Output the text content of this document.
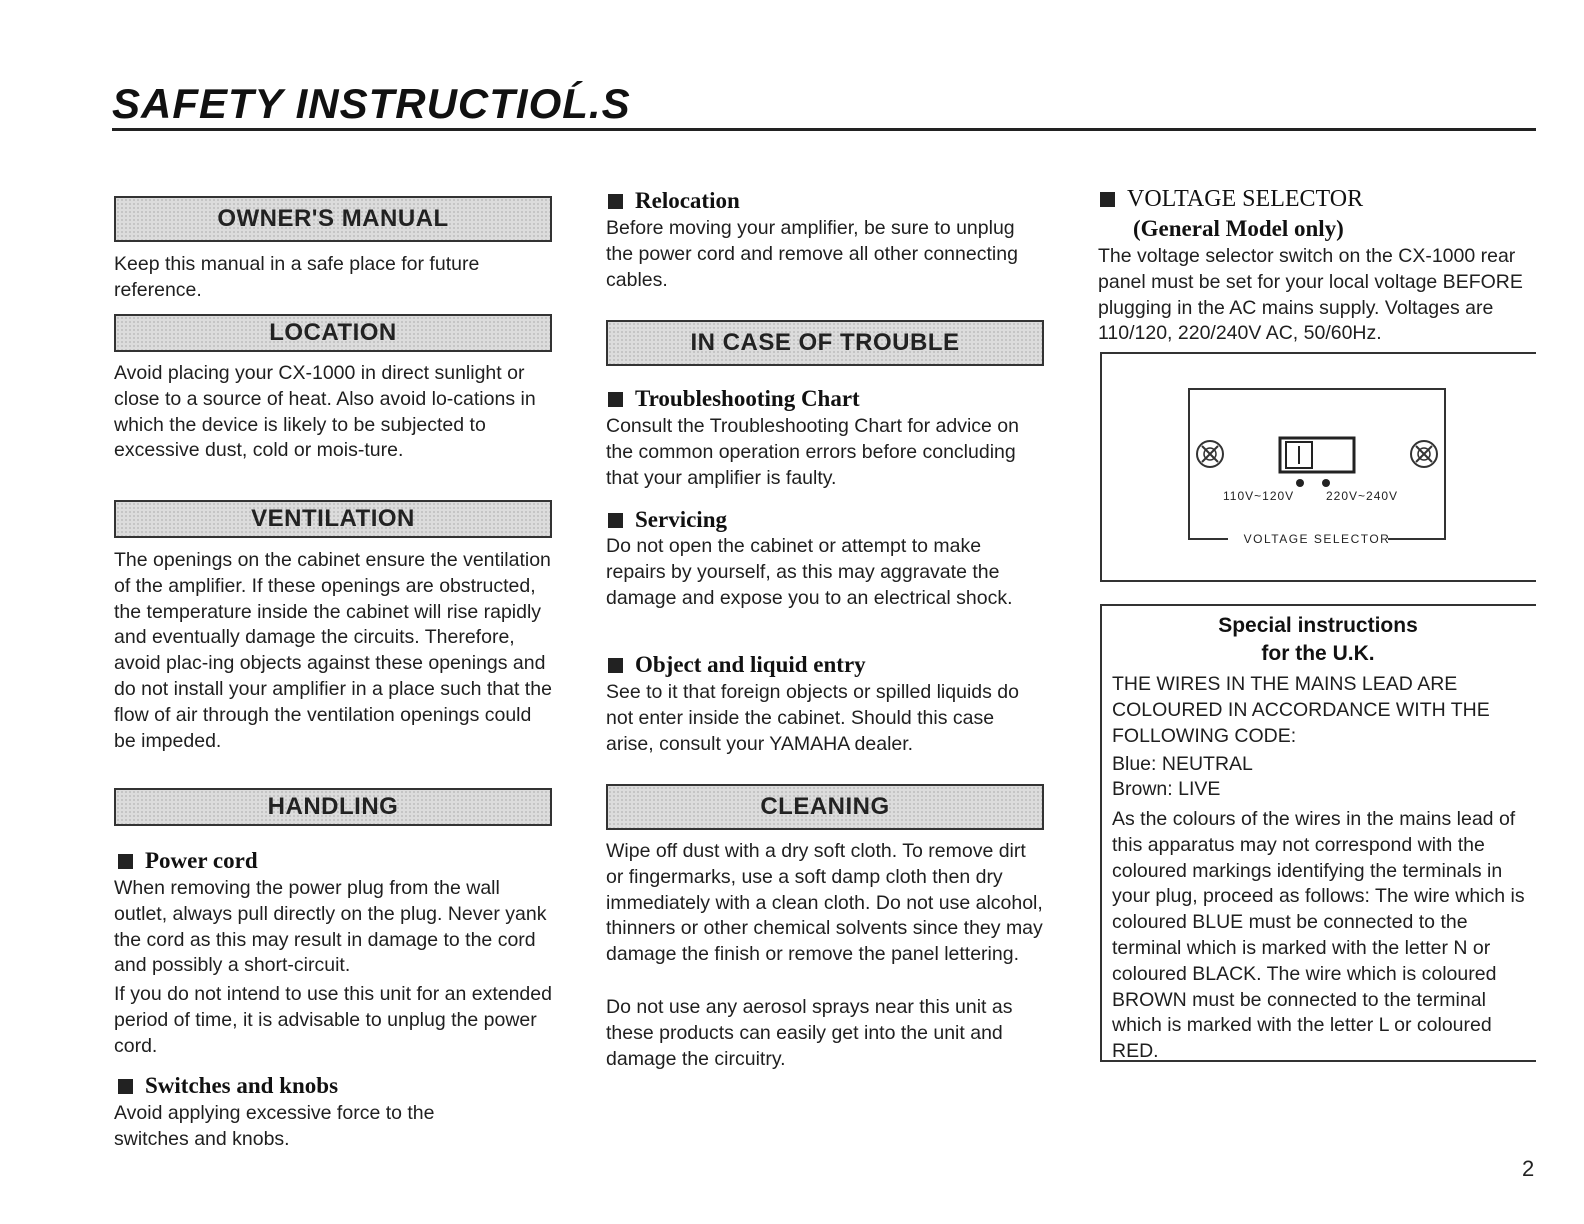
SAFETY INSTRUCTIOĹ.S
OWNER'S MANUAL
Keep this manual in a safe place for future reference.
LOCATION
Avoid placing your CX-1000 in direct sunlight or close to a source of heat. Also avoid lo-cations in which the device is likely to be subjected to excessive dust, cold or mois-ture.
VENTILATION
The openings on the cabinet ensure the ventilation of the amplifier. If these openings are obstructed, the temperature inside the cabinet will rise rapidly and eventually damage the circuits. Therefore, avoid plac-ing objects against these openings and do not install your amplifier in a place such that the flow of air through the ventilation openings could be impeded.
HANDLING
Power cord
When removing the power plug from the wall outlet, always pull directly on the plug. Never yank the cord as this may result in damage to the cord and possibly a short-circuit.
If you do not intend to use this unit for an extended period of time, it is advisable to unplug the power cord.
Switches and knobs
Avoid applying excessive force to the switches and knobs.
Relocation
Before moving your amplifier, be sure to unplug the power cord and remove all other connecting cables.
IN CASE OF TROUBLE
Troubleshooting Chart
Consult the Troubleshooting Chart for advice on the common operation errors before concluding that your amplifier is faulty.
Servicing
Do not open the cabinet or attempt to make repairs by yourself, as this may aggravate the damage and expose you to an electrical shock.
Object and liquid entry
See to it that foreign objects or spilled liquids do not enter inside the cabinet. Should this case arise, consult your YAMAHA dealer.
CLEANING
Wipe off dust with a dry soft cloth. To remove dirt or fingermarks, use a soft damp cloth then dry immediately with a clean cloth. Do not use alcohol, thinners or other chemical solvents since they may damage the finish or remove the panel lettering.
Do not use any aerosol sprays near this unit as these products can easily get into the unit and damage the circuitry.
VOLTAGE SELECTOR
(General Model only)
The voltage selector switch on the CX-1000 rear panel must be set for your local voltage BEFORE plugging in the AC mains supply. Voltages are 110/120, 220/240V AC, 50/60Hz.
110V~120V	220V~240V
VOLTAGE SELECTOR
Special instructions
for the U.K.
THE WIRES IN THE MAINS LEAD ARE COLOURED IN ACCORDANCE WITH THE FOLLOWING CODE:
Blue: NEUTRAL
Brown: LIVE
As the colours of the wires in the mains lead of this apparatus may not correspond with the coloured markings identifying the terminals in your plug, proceed as follows: The wire which is coloured BLUE must be connected to the terminal which is marked with the letter N or coloured BLACK. The wire which is coloured BROWN must be connected to the terminal which is marked with the letter L or coloured RED.
2
